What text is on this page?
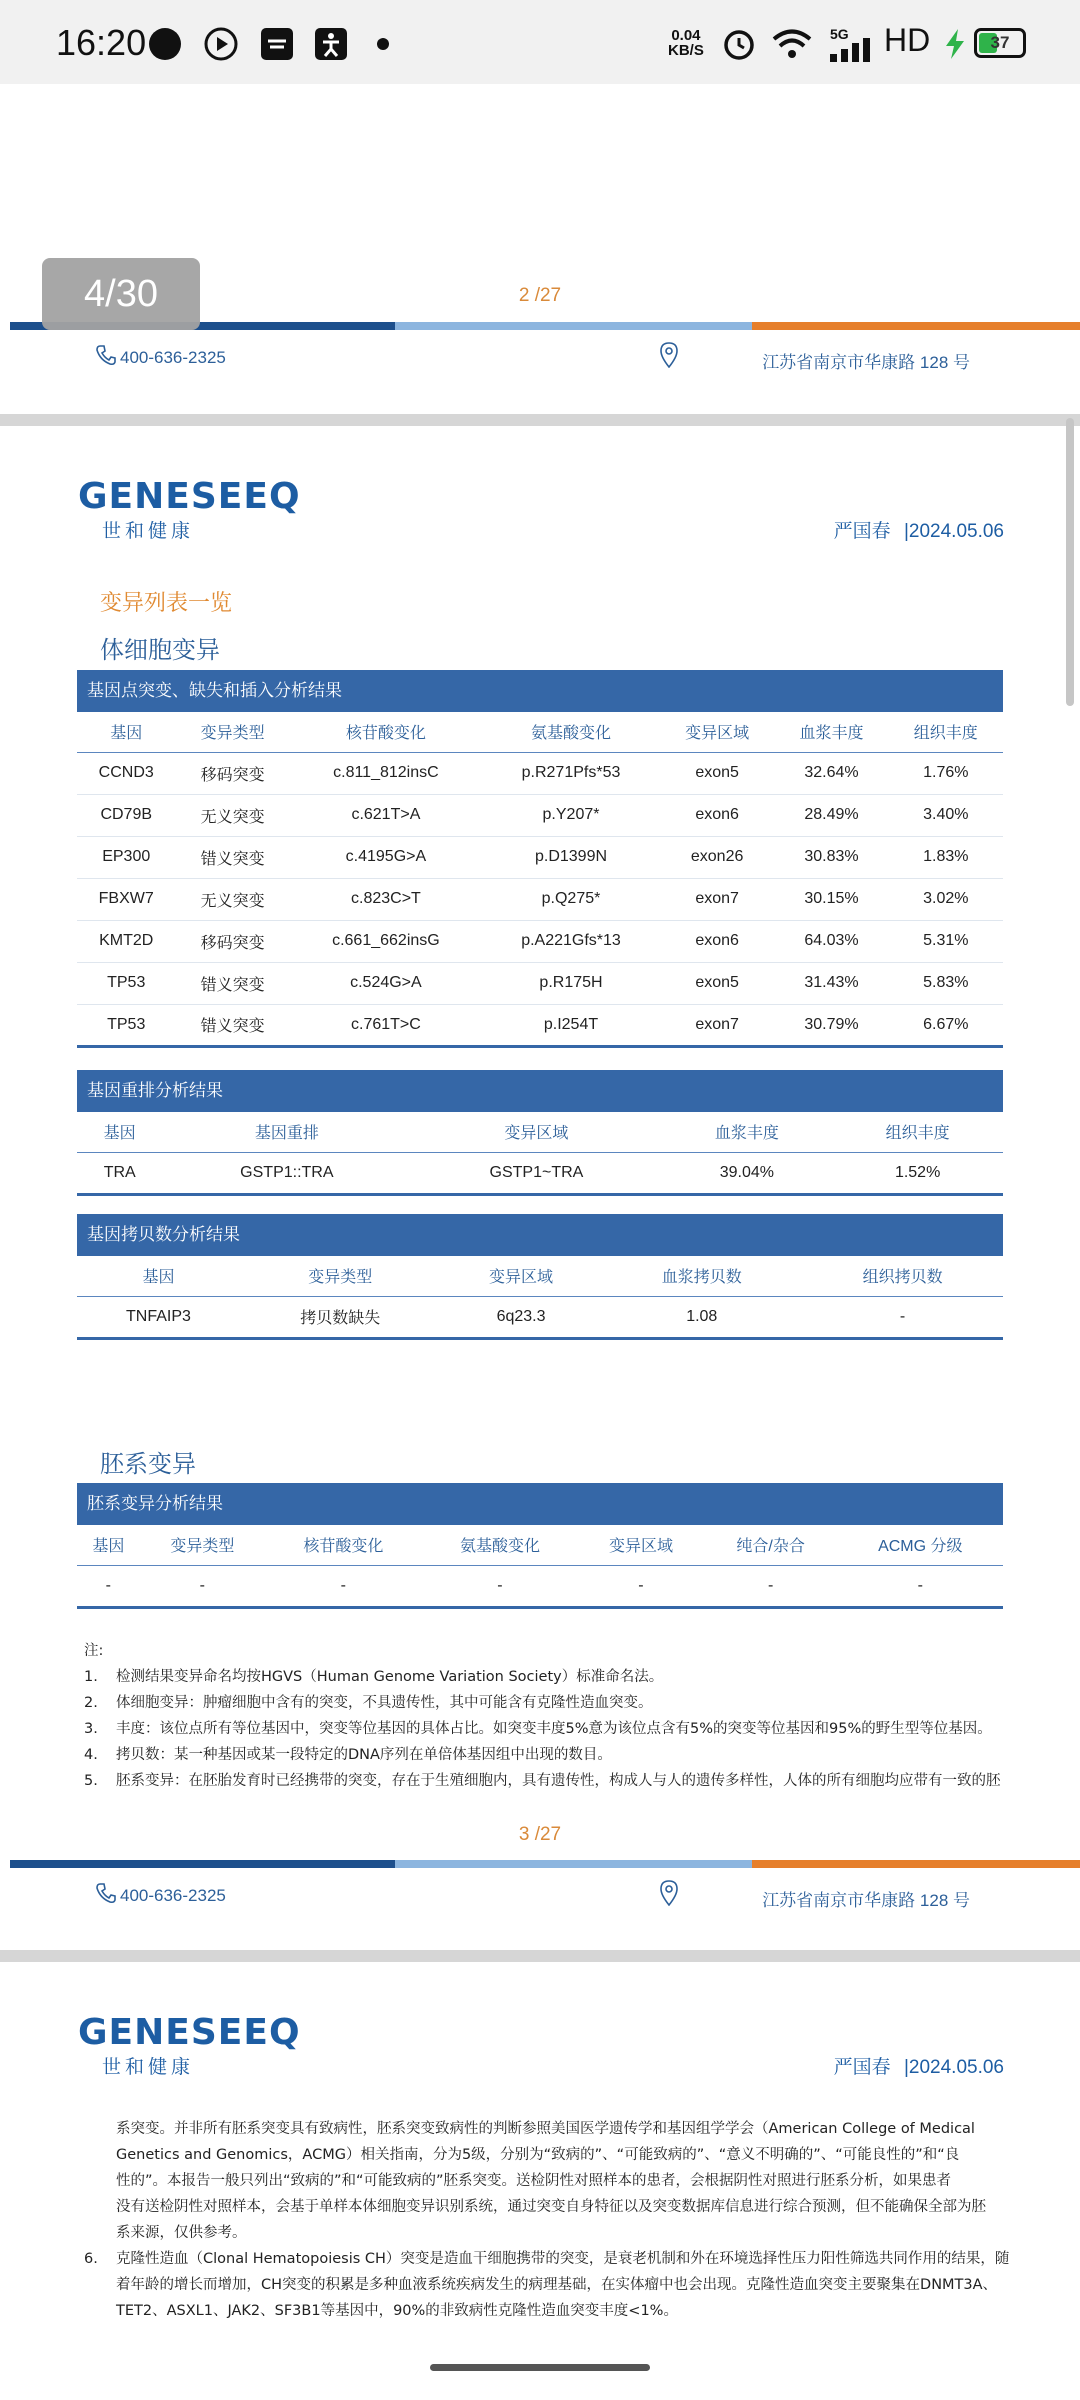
16:20	0.04
KB/S
5G HD	37
2 /27
400-636-2325	江苏省南京市华康路 128 号
4/30
GENESEEQ
世和健康	严国春 |2024.05.06
变异列表一览
体细胞变异
基因点突变、缺失和插入分析结果
基因	变异类型	核苷酸变化	氨基酸变化	变异区域	血浆丰度	组织丰度
CCND3	移码突变	c.811_812insC	p.R271Pfs*53	exon5	32.64%	1.76%
CD79B	无义突变	c.621T>A	p.Y207*	exon6	28.49%	3.40%
EP300	错义突变	c.4195G>A	p.D1399N	exon26	30.83%	1.83%
FBXW7	无义突变	c.823C>T	p.Q275*	exon7	30.15%	3.02%
KMT2D	移码突变	c.661_662insG	p.A221Gfs*13	exon6	64.03%	5.31%
TP53	错义突变	c.524G>A	p.R175H	exon5	31.43%	5.83%
TP53	错义突变	c.761T>C	p.I254T	exon7	30.79%	6.67%
基因重排分析结果
基因	基因重排	变异区域	血浆丰度	组织丰度
TRA	GSTP1::TRA	GSTP1~TRA	39.04%	1.52%
基因拷贝数分析结果
基因	变异类型	变异区域	血浆拷贝数	组织拷贝数
TNFAIP3	拷贝数缺失	6q23.3	1.08	-
胚系变异
胚系变异分析结果
基因	变异类型	核苷酸变化	氨基酸变化	变异区域	纯合/杂合	ACMG 分级
-	-	-	-	-	-	-
注:
1.	检测结果变异命名均按HGVS（Human Genome Variation Society）标准命名法。
2.	体细胞变异：肿瘤细胞中含有的突变，不具遗传性，其中可能含有克隆性造血突变。
3.	丰度：该位点所有等位基因中，突变等位基因的具体占比。如突变丰度5%意为该位点含有5%的突变等位基因和95%的野生型等位基因。
4.	拷贝数：某一种基因或某一段特定的DNA序列在单倍体基因组中出现的数目。
5.	胚系变异：在胚胎发育时已经携带的突变，存在于生殖细胞内，具有遗传性，构成人与人的遗传多样性，人体的所有细胞均应带有一致的胚
3 /27
400-636-2325	江苏省南京市华康路 128 号
GENESEEQ
世和健康	严国春 |2024.05.06
系突变。并非所有胚系突变具有致病性，胚系突变致病性的判断参照美国医学遗传学和基因组学学会（American College of Medical
Genetics and Genomics，ACMG）相关指南，分为5级，分别为“致病的”、“可能致病的”、“意义不明确的”、“可能良性的”和“良
性的”。本报告一般只列出“致病的”和“可能致病的”胚系突变。送检阴性对照样本的患者，会根据阴性对照进行胚系分析，如果患者
没有送检阴性对照样本，会基于单样本体细胞变异识别系统，通过突变自身特征以及突变数据库信息进行综合预测，但不能确保全部为胚
系来源，仅供参考。
6.	克隆性造血（Clonal Hematopoiesis CH）突变是造血干细胞携带的突变，是衰老机制和外在环境选择性压力阳性筛选共同作用的结果，随
着年龄的增长而增加，CH突变的积累是多种血液系统疾病发生的病理基础，在实体瘤中也会出现。克隆性造血突变主要聚集在DNMT3A、
TET2、ASXL1、JAK2、SF3B1等基因中，90%的非致病性克隆性造血突变丰度<1%。
